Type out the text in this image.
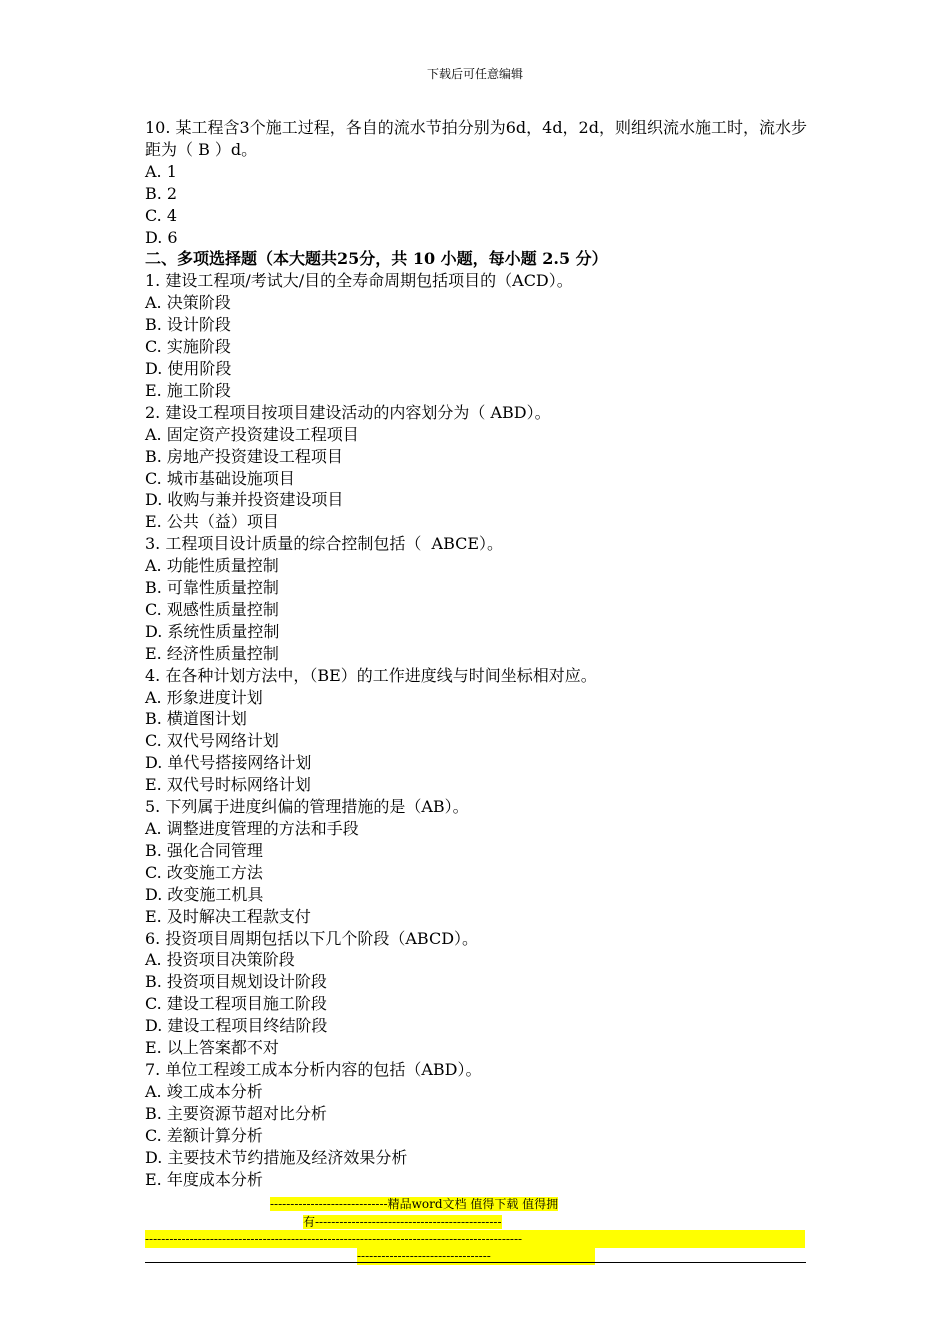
下载后可任意编辑

10. 某工程含3个施工过程，各自的流水节拍分别为6d，4d，2d，则组织流水施工时，流水步距为（ B ）d。

A. 1

B. 2

C. 4

D. 6

二、多项选择题（本大题共25分，共 10 小题，每小题 2.5 分）

1. 建设工程项/考试大/目的全寿命周期包括项目的（ACD）。

A. 决策阶段

B. 设计阶段

C. 实施阶段

D. 使用阶段

E. 施工阶段

2. 建设工程项目按项目建设活动的内容划分为（ ABD）。

A. 固定资产投资建设工程项目

B. 房地产投资建设工程项目

C. 城市基础设施项目

D. 收购与兼并投资建设项目

E. 公共（益）项目

3. 工程项目设计质量的综合控制包括（  ABCE）。

A. 功能性质量控制

B. 可靠性质量控制

C. 观感性质量控制

D. 系统性质量控制

E. 经济性质量控制

4. 在各种计划方法中，（BE）的工作进度线与时间坐标相对应。

A. 形象进度计划

B. 横道图计划

C. 双代号网络计划

D. 单代号搭接网络计划

E. 双代号时标网络计划

5. 下列属于进度纠偏的管理措施的是（AB）。

A. 调整进度管理的方法和手段

B. 强化合同管理

C. 改变施工方法

D. 改变施工机具

E. 及时解决工程款支付

6. 投资项目周期包括以下几个阶段（ABCD）。

A. 投资项目决策阶段

B. 投资项目规划设计阶段

C. 建设工程项目施工阶段

D. 建设工程项目终结阶段

E. 以上答案都不对

7. 单位工程竣工成本分析内容的包括（ABD）。

A. 竣工成本分析

B. 主要资源节超对比分析

C. 差额计算分析

D. 主要技术节约措施及经济效果分析

E. 年度成本分析

-----------------------------精品word文档 值得下载 值得拥
有----------------------------------------------
---------------------------------------------------------------------------------------------
---------------------------------
